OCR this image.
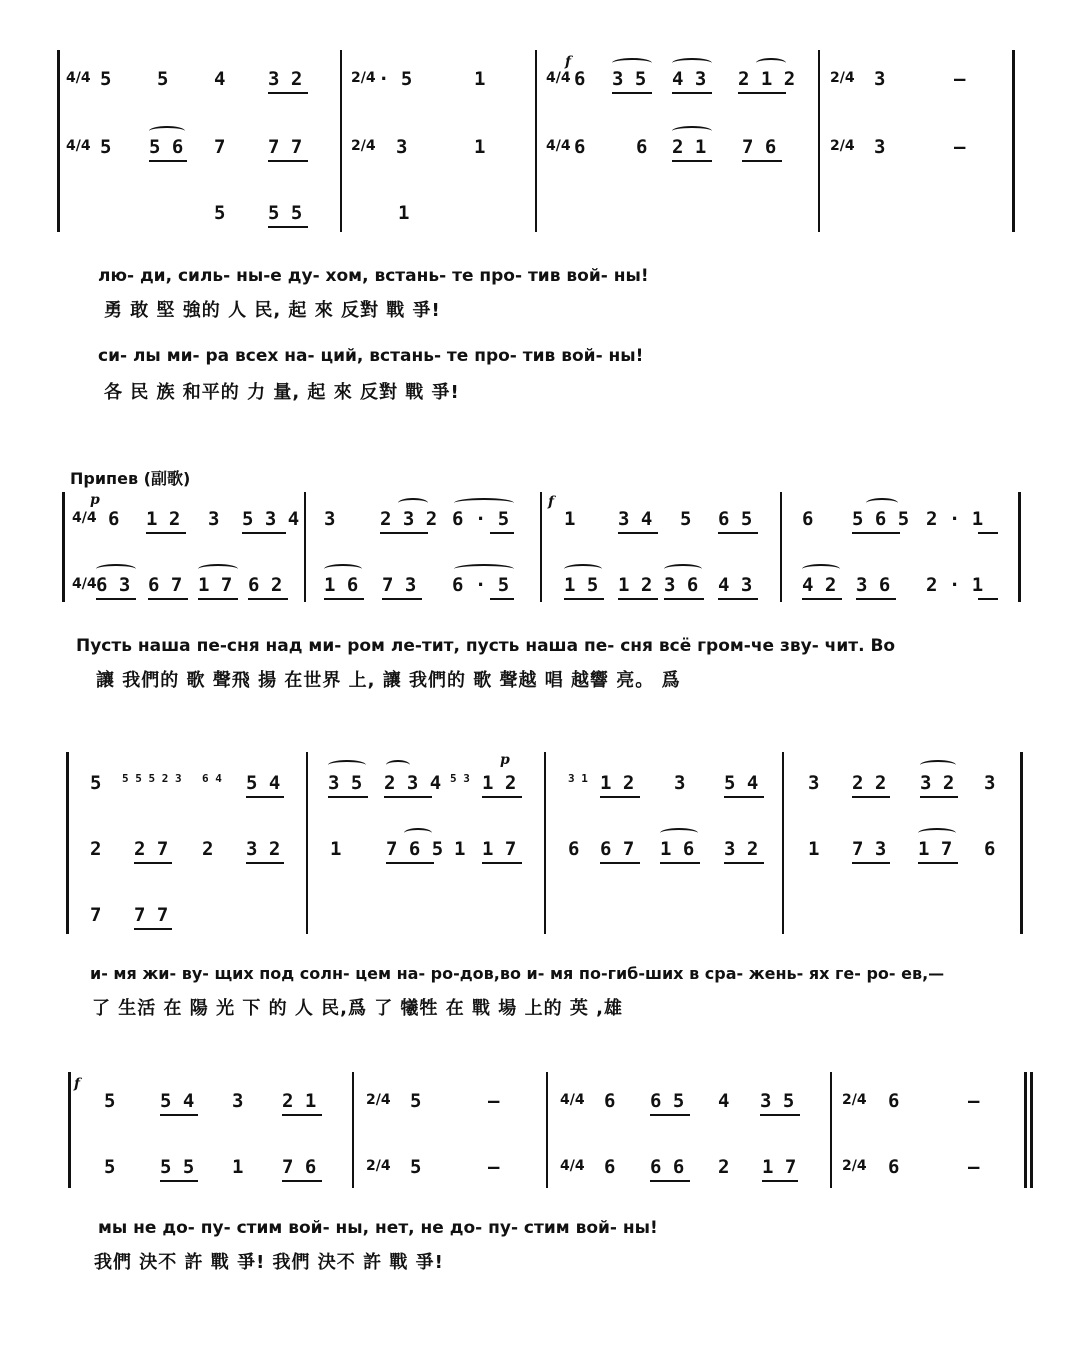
f
4/4	2/4	4/4	2/4
5 5 4 3 2	· 5	1	6 3 5 4 3 2 1 2	3	—
4/4	2/4	4/4	2/4
5 5 6 7 7 7	3	1	6	6 2 1 7 6	3	—
5 5 5	1
лю- ди, силь- ны-е ду- хом, встань- те про- тив вой- ны!
勇 敢 堅 強的 人 民, 起 來 反對 戰 爭!
си- лы ми- ра всех на- ций, встань- те про- тив вой- ны!
各 民 族 和平的 力 量, 起 來 反對 戰 爭!
Припев (副歌)
p	f
4/4 6 1 2 3 5 3 4 3 2 3 2 6 · 5	1 3 4 5 6 5	6 5 6 5 2 · 1
4/4 6 3 6 7 1 7 6 2 1 6 7 3 6 · 5	1 5 1 2 3 6 4 3	4 2 3 6 2 · 1
Пусть наша пе-сня над ми- ром ле-тит, пусть наша пе- сня всё гром-че зву- чит. Во
讓 我們的 歌 聲飛 揚 在世界 上, 讓 我們的 歌 聲越 唱 越響 亮。 爲
p
5 5 5 5 2 3 6 4 5 4	3 5 2 3 4 5 3 1 2	3 1 1 2 3 5 4	3 2 2 3 2 3
2 2 7 2 3 2	1 7 6 5 1 1 7	6 6 7 1 6 3 2	1 7 3 1 7 6
7 7 7
и- мя жи- ву- щих под солн- цем на- ро-дов,во и- мя по-гиб-ших в сра- жень- ях ге- ро- ев,—
了 生活 在 陽 光 下 的 人 民,爲 了 犧牲 在 戰 場 上的 英 ,雄
f
5 5 4 3 2 1	2/4 5	—	4/4 6 6 5 4 3 5	2/4 6	—
5 5 5 1 7 6	2/4 5	—	4/4 6 6 6 2 1 7	2/4 6	—
мы не до- пу- стим вой- ны, нет, не до- пу- стим вой- ны!
我們 決不 許 戰 爭! 我們 決不 許 戰 爭!
